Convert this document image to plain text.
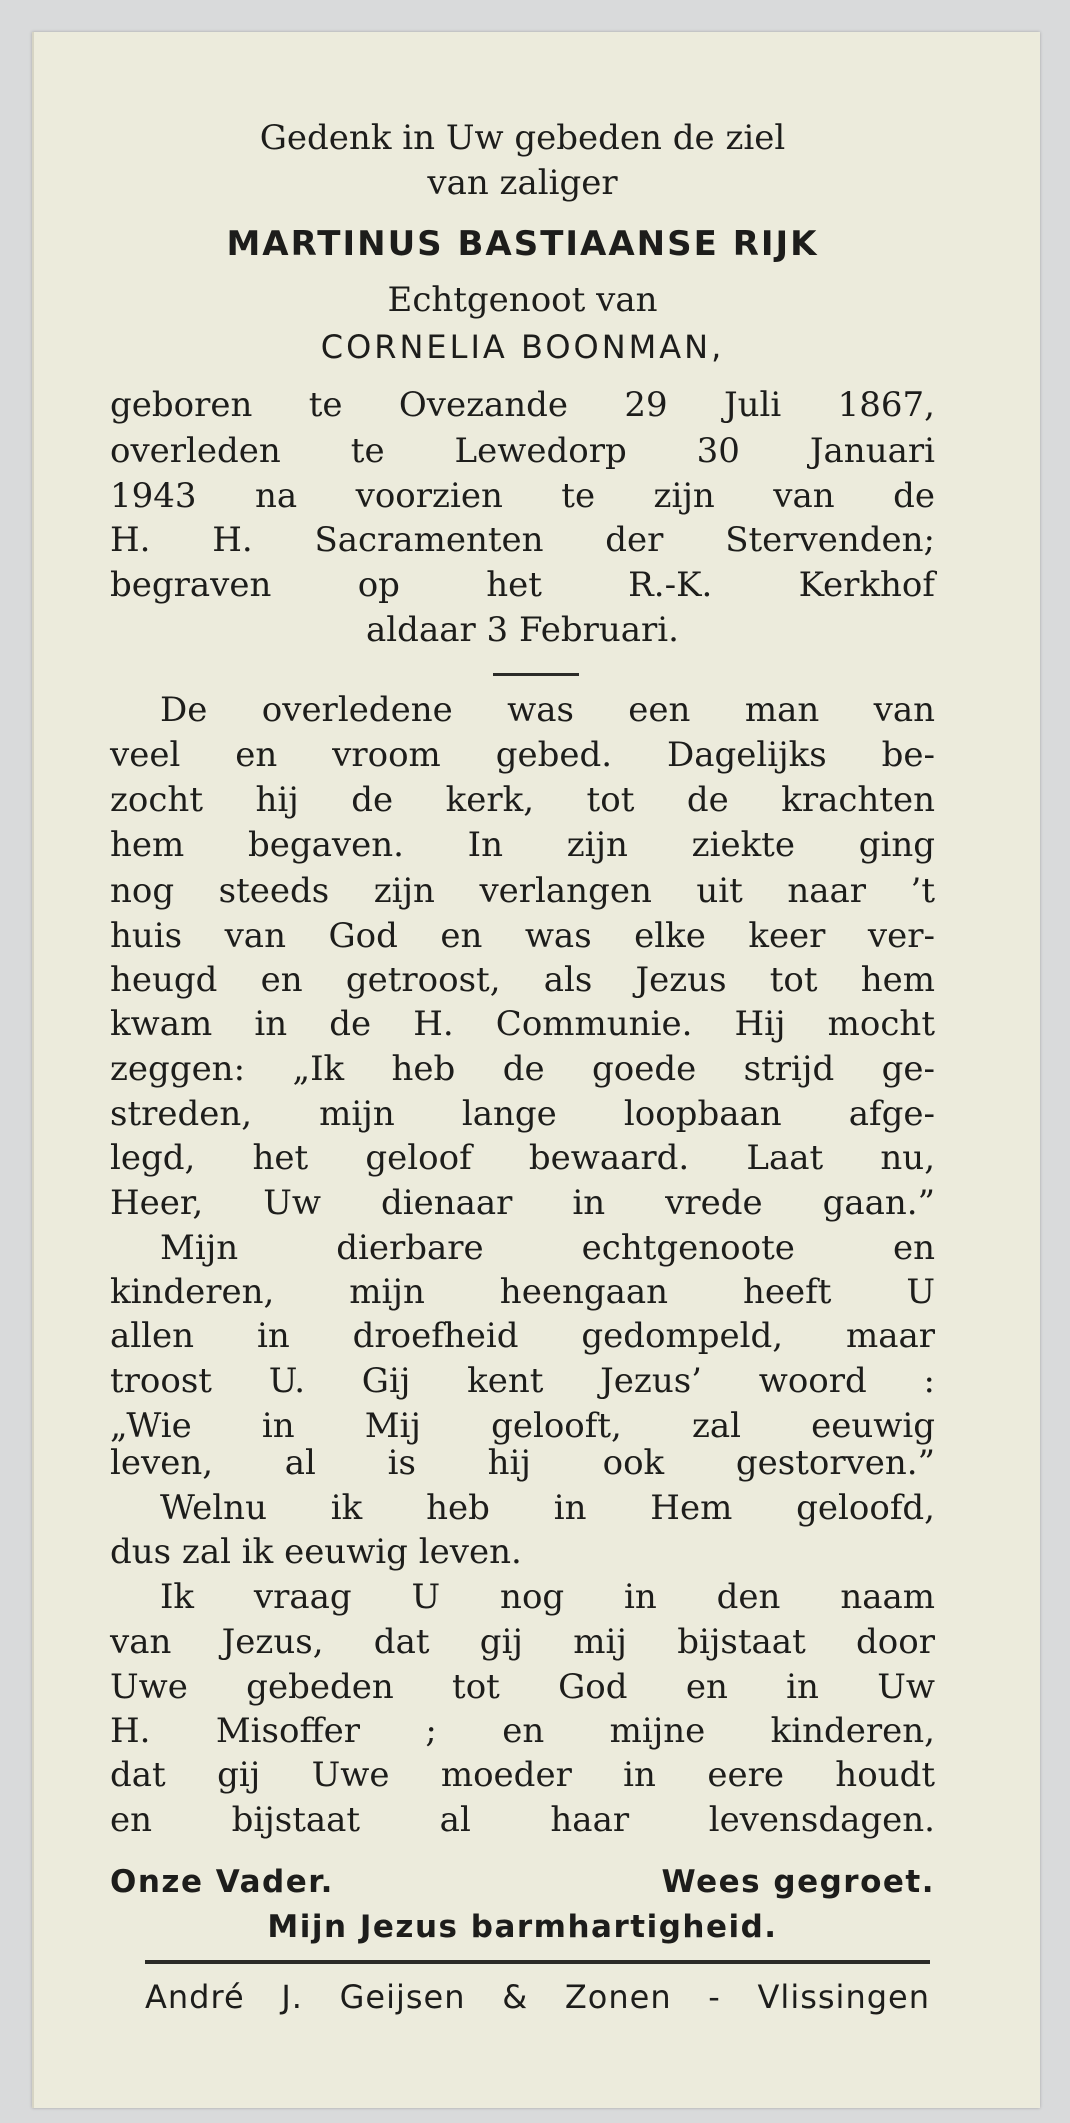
Gedenk in Uw gebeden de ziel
van zaliger
MARTINUS BASTIAANSE RIJK
Echtgenoot van
CORNELIA BOONMAN,
geboren te Ovezande 29 Juli 1867,
overleden te Lewedorp 30 Januari
1943 na voorzien te zijn van de
H. H. Sacramenten der Stervenden;
begraven op het R.-K. Kerkhof
aldaar 3 Februari.
De overledene was een man van
veel en vroom gebed. Dagelijks be-
zocht hij de kerk, tot de krachten
hem begaven. In zijn ziekte ging
nog steeds zijn verlangen uit naar ’t
huis van God en was elke keer ver-
heugd en getroost, als Jezus tot hem
kwam in de H. Communie. Hij mocht
zeggen: „Ik heb de goede strijd ge-
streden, mijn lange loopbaan afge-
legd, het geloof bewaard. Laat nu,
Heer, Uw dienaar in vrede gaan.”
Mijn dierbare echtgenoote en
kinderen, mijn heengaan heeft U
allen in droefheid gedompeld, maar
troost U. Gij kent Jezus’ woord :
„Wie in Mij gelooft, zal eeuwig
leven, al is hij ook gestorven.”
Welnu ik heb in Hem geloofd,
dus zal ik eeuwig leven.
Ik vraag U nog in den naam
van Jezus, dat gij mij bijstaat door
Uwe gebeden tot God en in Uw
H. Misoffer ; en mijne kinderen,
dat gij Uwe moeder in eere houdt
en bijstaat al haar levensdagen.
Onze Vader.	Wees gegroet.
Mijn Jezus barmhartigheid.
André J. Geijsen & Zonen - Vlissingen
